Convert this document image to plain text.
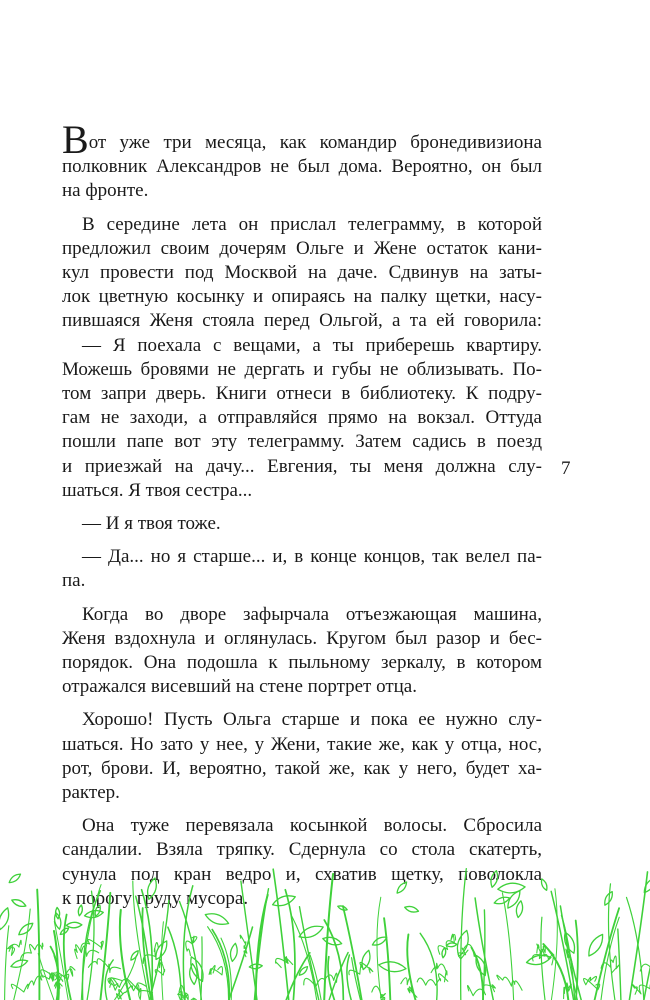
Вот уже три месяца, как командир бронедивизиона
полковник Александров не был дома. Вероятно, он был
на фронте.
В середине лета он прислал телеграмму, в которой
предложил своим дочерям Ольге и Жене остаток кани-
кул провести под Москвой на даче. Сдвинув на заты-
лок цветную косынку и опираясь на палку щетки, насу-
пившаяся Женя стояла перед Ольгой, а та ей говорила:
— Я поехала с вещами, а ты приберешь квартиру.
Можешь бровями не дергать и губы не облизывать. По-
том запри дверь. Книги отнеси в библиотеку. К подру-
гам не заходи, а отправляйся прямо на вокзал. Оттуда
пошли папе вот эту телеграмму. Затем садись в поезд
и приезжай на дачу... Евгения, ты меня должна слу-
шаться. Я твоя сестра...
— И я твоя тоже.
— Да... но я старше... и, в конце концов, так велел па-
па.
Когда во дворе зафырчала отъезжающая машина,
Женя вздохнула и оглянулась. Кругом был разор и бес-
порядок. Она подошла к пыльному зеркалу, в котором
отражался висевший на стене портрет отца.
Хорошо! Пусть Ольга старше и пока ее нужно слу-
шаться. Но зато у нее, у Жени, такие же, как у отца, нос,
рот, брови. И, вероятно, такой же, как у него, будет ха-
рактер.
Она туже перевязала косынкой волосы. Сбросила
сандалии. Взяла тряпку. Сдернула со стола скатерть,
сунула под кран ведро и, схватив щетку, поволокла
к порогу груду мусора.
7
